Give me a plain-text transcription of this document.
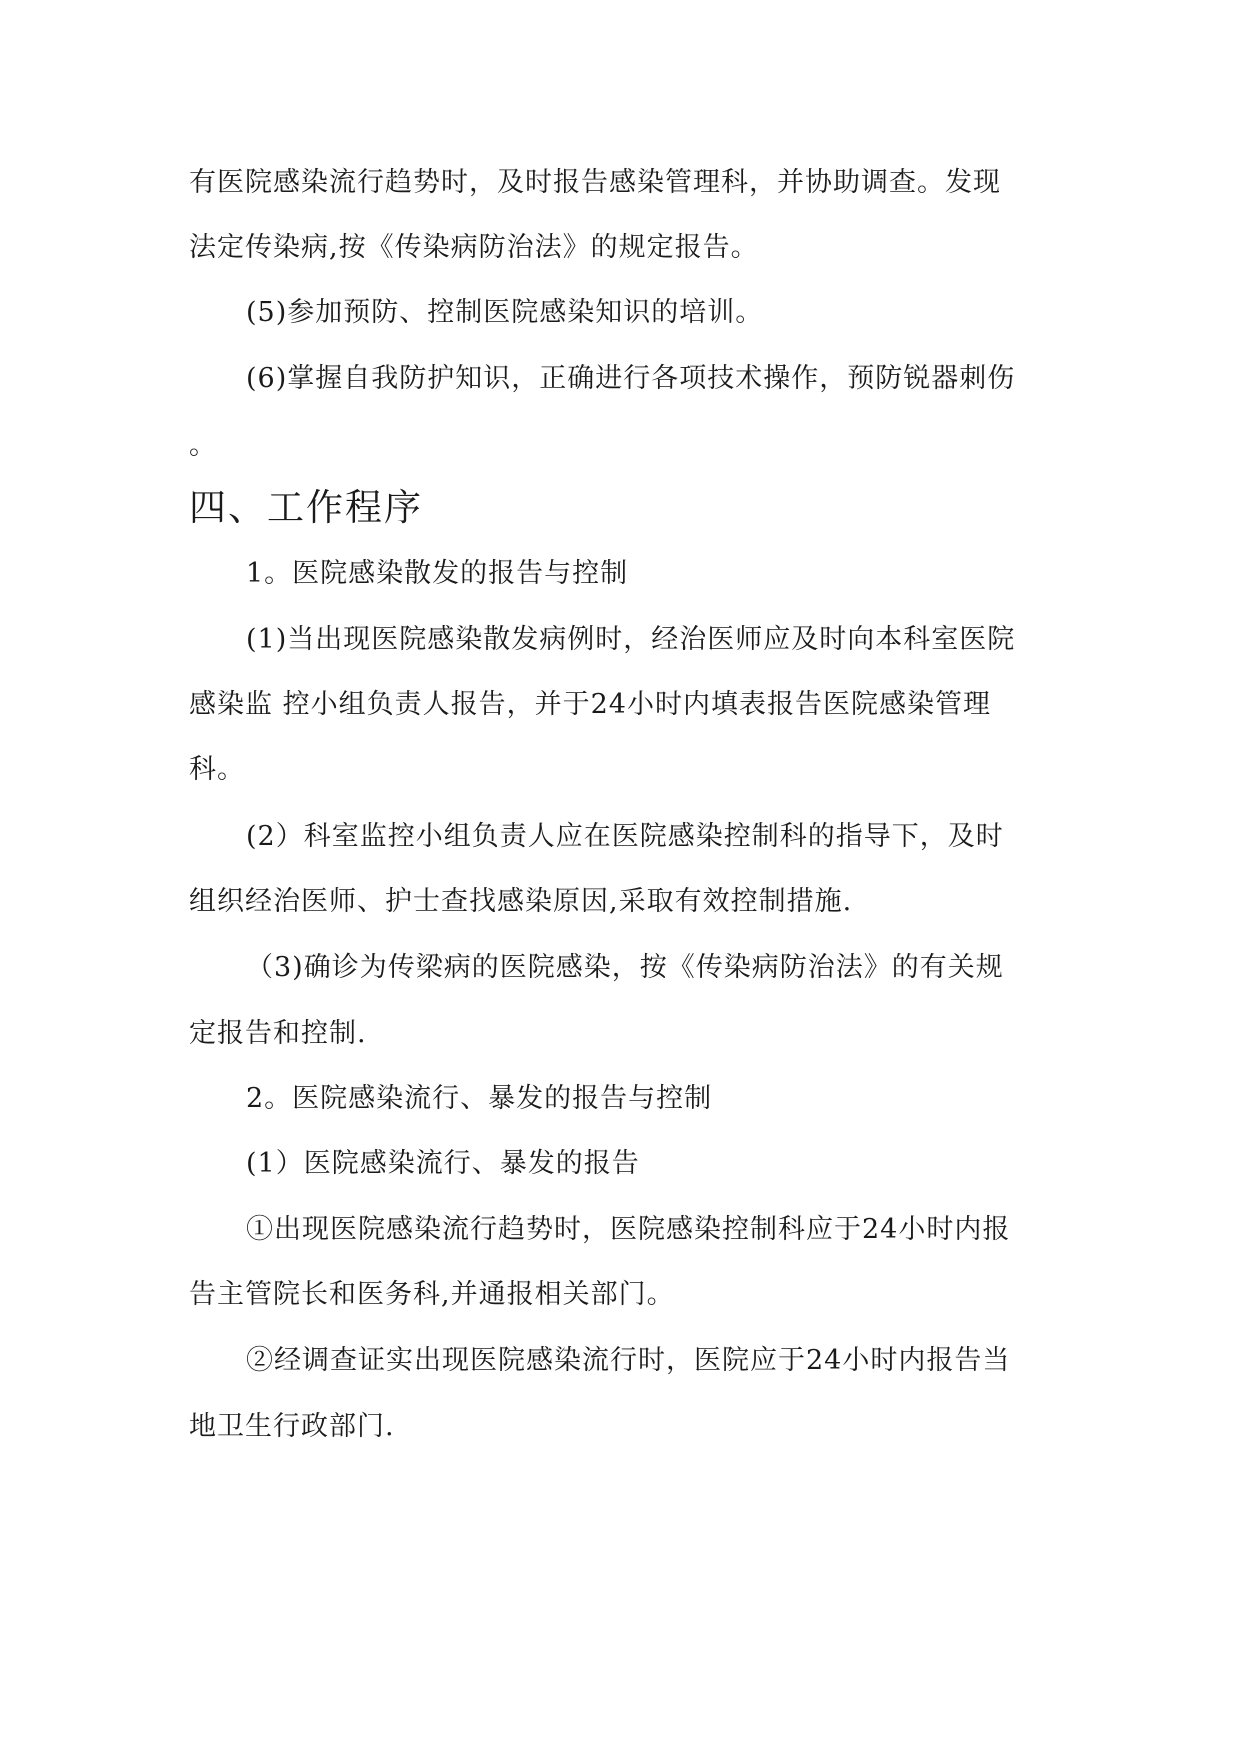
有医院感染流行趋势时，及时报告感染管理科，并协助调查。发现
法定传染病,按《传染病防治法》的规定报告。
(5)参加预防、控制医院感染知识的培训。
(6)掌握自我防护知识，正确进行各项技术操作，预防锐器刺伤
。
四、工作程序
1。医院感染散发的报告与控制
(1)当出现医院感染散发病例时，经治医师应及时向本科室医院
感染监 控小组负责人报告，并于24小时内填表报告医院感染管理
科。
(2）科室监控小组负责人应在医院感染控制科的指导下，及时
组织经治医师、护士查找感染原因,采取有效控制措施.
（3)确诊为传梁病的医院感染，按《传染病防治法》的有关规
定报告和控制.
2。医院感染流行、暴发的报告与控制
(1）医院感染流行、暴发的报告
①出现医院感染流行趋势时，医院感染控制科应于24小时内报
告主管院长和医务科,并通报相关部门。
②经调查证实出现医院感染流行时，医院应于24小时内报告当
地卫生行政部门.
